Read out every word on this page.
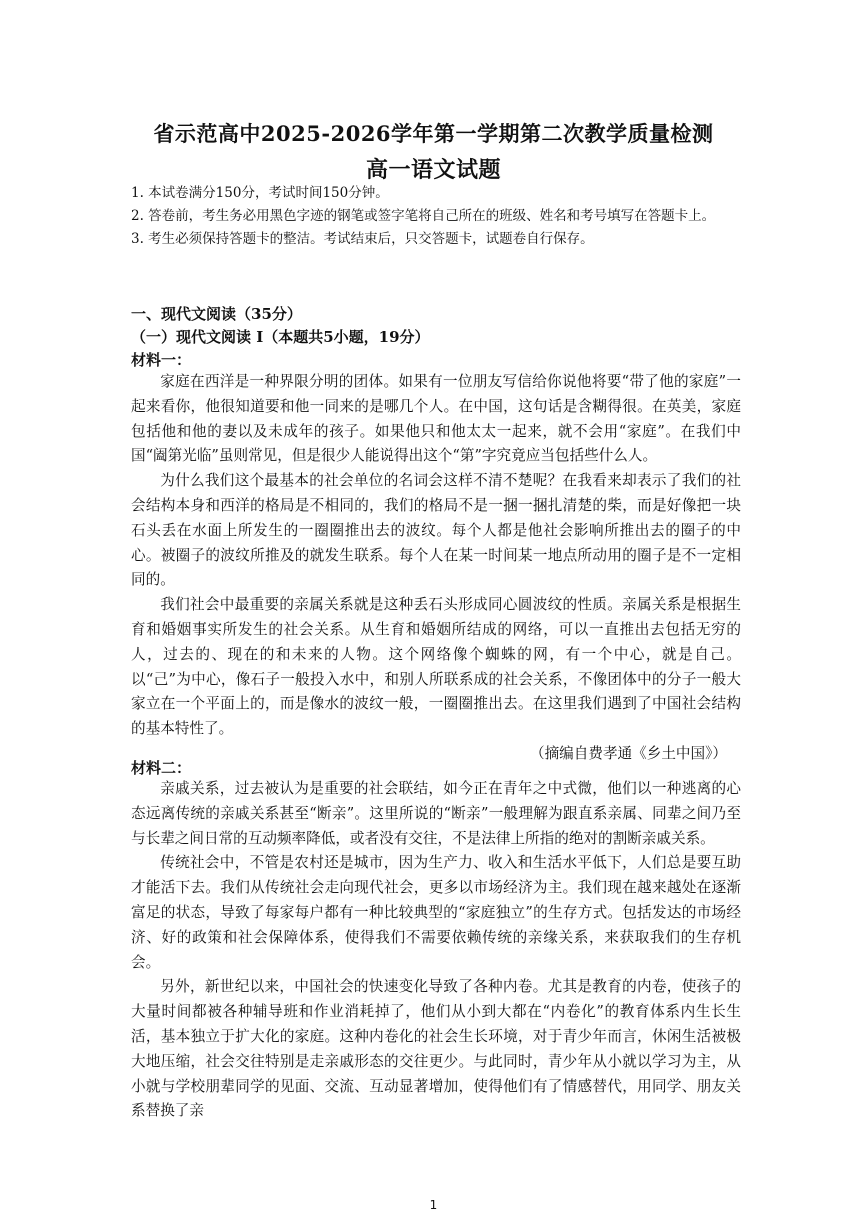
省示范高中2025-2026学年第一学期第二次教学质量检测
高一语文试题

1. 本试卷满分150分，考试时间150分钟。

2. 答卷前，考生务必用黑色字迹的钢笔或签字笔将自己所在的班级、姓名和考号填写在答题卡上。

3. 考生必须保持答题卡的整洁。考试结束后，只交答题卡，试题卷自行保存。

一、现代文阅读（35分）
（一）现代文阅读 I（本题共5小题，19分）
材料一：

家庭在西洋是一种界限分明的团体。如果有一位朋友写信给你说他将要“带了他的家庭”一起来看你，他很知道要和他一同来的是哪几个人。在中国，这句话是含糊得很。在英美，家庭包括他和他的妻以及未成年的孩子。如果他只和他太太一起来，就不会用“家庭”。在我们中国“阖第光临”虽则常见，但是很少人能说得出这个“第”字究竟应当包括些什么人。

为什么我们这个最基本的社会单位的名词会这样不清不楚呢？在我看来却表示了我们的社会结构本身和西洋的格局是不相同的，我们的格局不是一捆一捆扎清楚的柴，而是好像把一块石头丢在水面上所发生的一圈圈推出去的波纹。每个人都是他社会影响所推出去的圈子的中心。被圈子的波纹所推及的就发生联系。每个人在某一时间某一地点所动用的圈子是不一定相同的。

我们社会中最重要的亲属关系就是这种丢石头形成同心圆波纹的性质。亲属关系是根据生育和婚姻事实所发生的社会关系。从生育和婚姻所结成的网络，可以一直推出去包括无穷的人，过去的、现在的和未来的人物。这个网络像个蜘蛛的网，有一个中心，就是自己。以“己”为中心，像石子一般投入水中，和别人所联系成的社会关系，不像团体中的分子一般大家立在一个平面上的，而是像水的波纹一般，一圈圈推出去。在这里我们遇到了中国社会结构的基本特性了。

（摘编自费孝通《乡土中国》）

材料二：

亲戚关系，过去被认为是重要的社会联结，如今正在青年之中式微，他们以一种逃离的心态远离传统的亲戚关系甚至“断亲”。这里所说的“断亲”一般理解为跟直系亲属、同辈之间乃至与长辈之间日常的互动频率降低，或者没有交往，不是法律上所指的绝对的割断亲戚关系。

传统社会中，不管是农村还是城市，因为生产力、收入和生活水平低下，人们总是要互助才能活下去。我们从传统社会走向现代社会，更多以市场经济为主。我们现在越来越处在逐渐富足的状态，导致了每家每户都有一种比较典型的“家庭独立”的生存方式。包括发达的市场经济、好的政策和社会保障体系，使得我们不需要依赖传统的亲缘关系，来获取我们的生存机会。

另外，新世纪以来，中国社会的快速变化导致了各种内卷。尤其是教育的内卷，使孩子的大量时间都被各种辅导班和作业消耗掉了，他们从小到大都在“内卷化”的教育体系内生长生活，基本独立于扩大化的家庭。这种内卷化的社会生长环境，对于青少年而言，休闲生活被极大地压缩，社会交往特别是走亲戚形态的交往更少。与此同时，青少年从小就以学习为主，从小就与学校朋辈同学的见面、交流、互动显著增加，使得他们有了情感替代，用同学、朋友关系替换了亲

1
